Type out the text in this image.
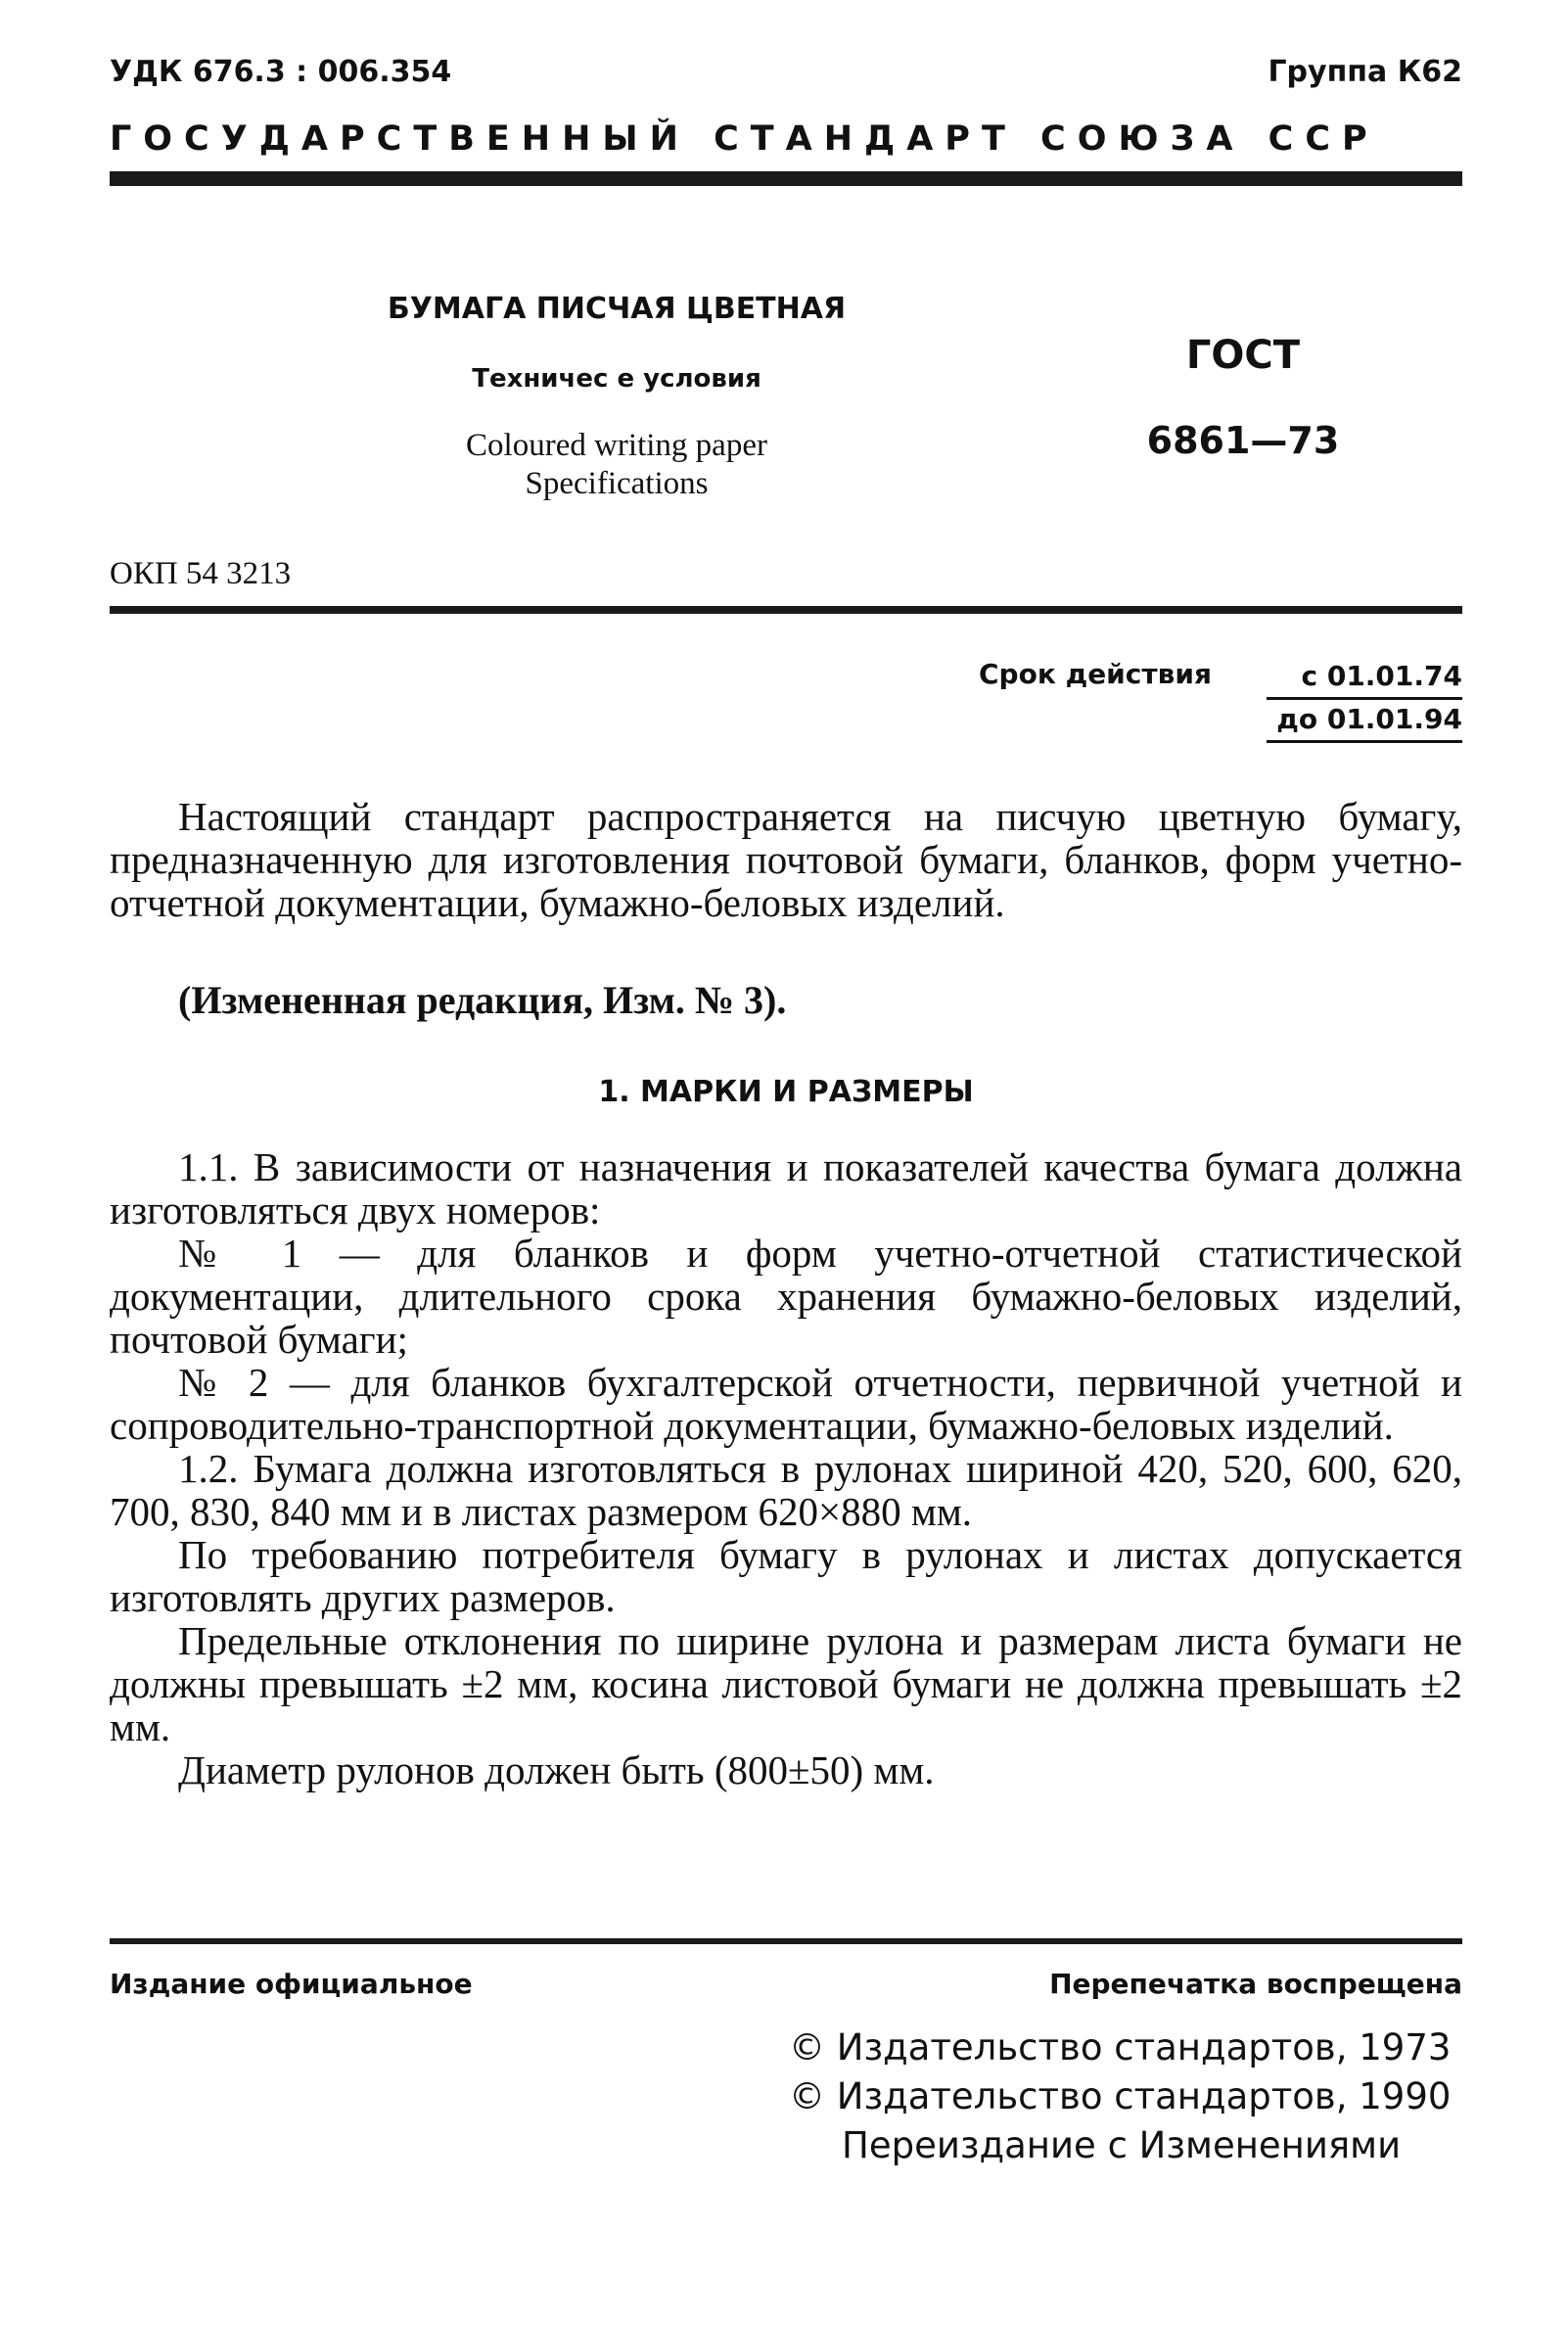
УДК 676.3 : 006.354	Группа К62
ГОСУДАРСТВЕННЫЙ СТАНДАРТ СОЮЗА ССР
БУМАГА ПИСЧАЯ ЦВЕТНАЯ
Техничес е условия
Coloured writing paper
Specifications
ГОСТ
6861—73
ОКП 54 3213
Срок действия	с 01.01.74
до 01.01.94
Настоящий стандарт распространяется на писчую цветную бумагу, предназначенную для изготовления почтовой бумаги, бланков, форм учетно-отчетной документации, бумажно-беловых изделий.
(Измененная редакция, Изм. № 3).
1. МАРКИ И РАЗМЕРЫ

1.1. В зависимости от назначения и показателей качества бумага должна изготовляться двух номеров:

№ 1 — для бланков и форм учетно-отчетной статистической документации, длительного срока хранения бумажно-беловых изделий, почтовой бумаги;

№ 2 — для бланков бухгалтерской отчетности, первичной учетной и сопроводительно-транспортной документации, бумажно-беловых изделий.

1.2. Бумага должна изготовляться в рулонах шириной 420, 520, 600, 620, 700, 830, 840 мм и в листах размером 620×880 мм.

По требованию потребителя бумагу в рулонах и листах допускается изготовлять других размеров.

Предельные отклонения по ширине рулона и размерам листа бумаги не должны превышать ±2 мм, косина листовой бумаги не должна превышать ±2 мм.

Диаметр рулонов должен быть (800±50) мм.

Издание официальное	Перепечатка воспрещена
© Издательство стандартов, 1973
© Издательство стандартов, 1990
Переиздание с Изменениями
